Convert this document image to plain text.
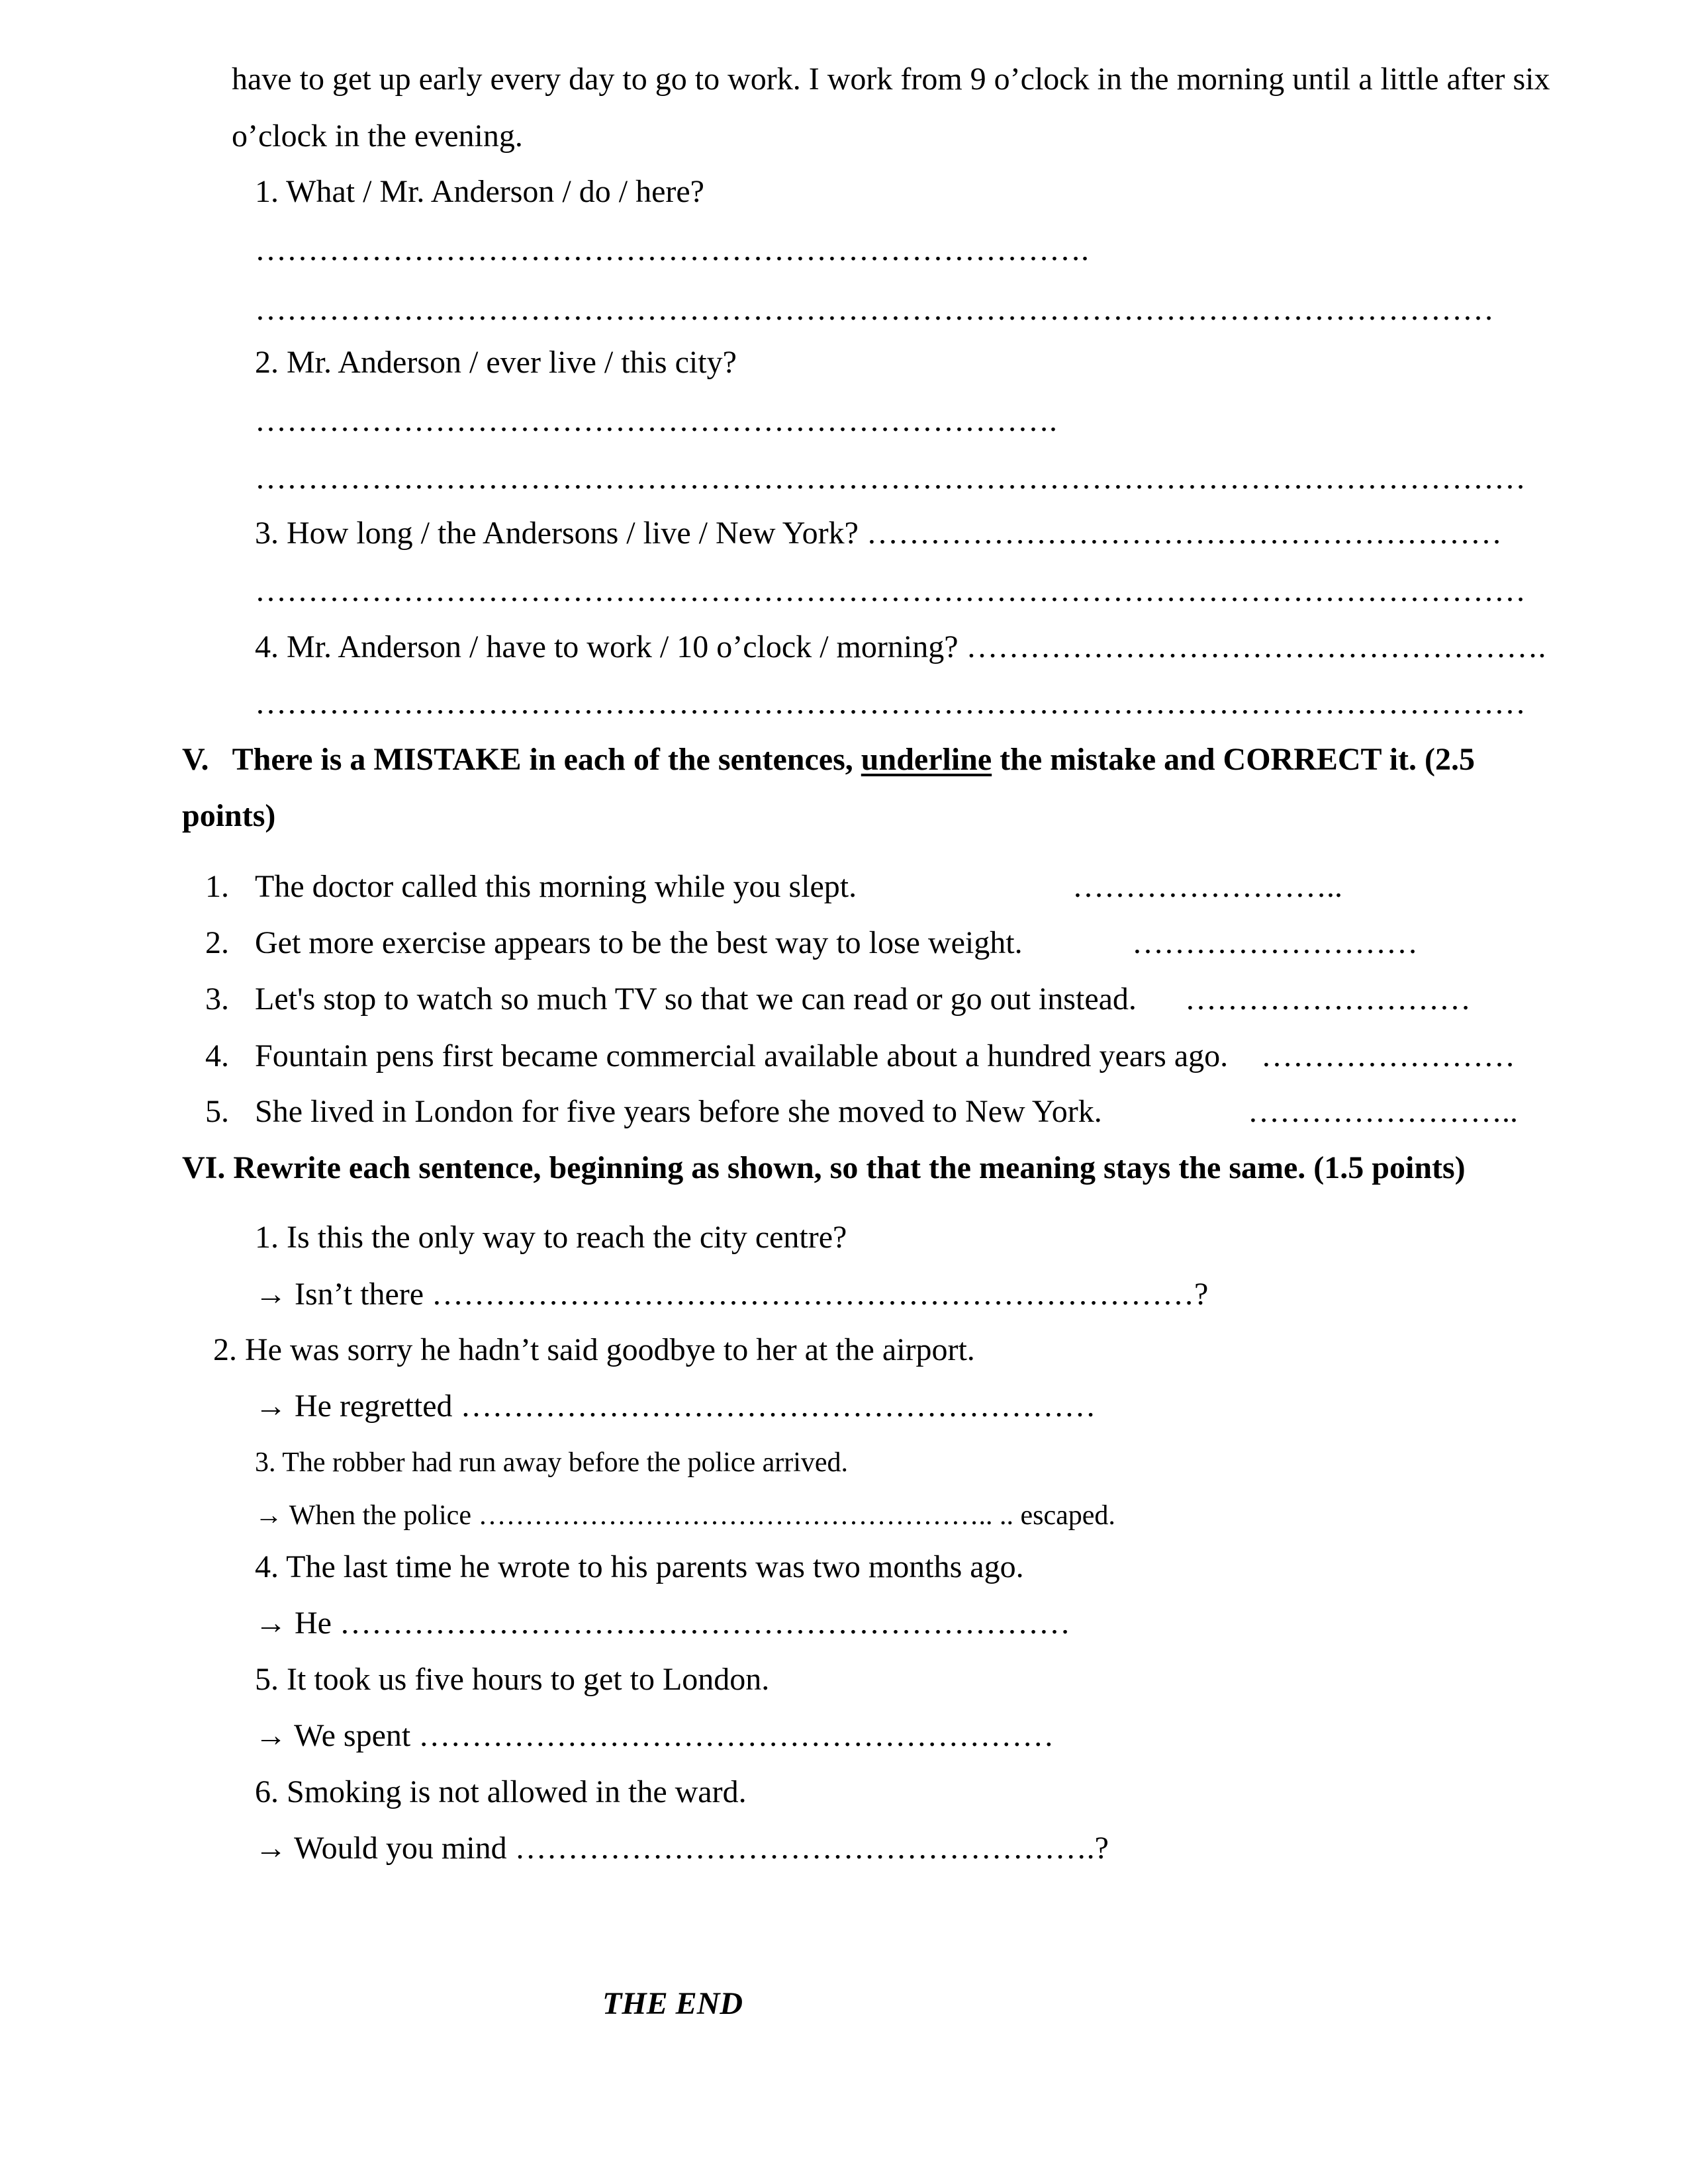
have to get up early every day to go to work. I work from 9 o’clock in the morning until a little after six
o’clock in the evening.
1. What / Mr. Anderson / do / here?
…………………………………………………………………….
………………………………………………………………………………………………………
2. Mr. Anderson / ever live / this city?
………………………………………………………………….
…………………………………………………………………………………………………………
3. How long / the Andersons / live / New York? ……………………………………………………
…………………………………………………………………………………………………………
4. Mr. Anderson / have to work / 10 o’clock / morning? ……………………………………………….
…………………………………………………………………………………………………………
V.   There is a MISTAKE in each of the sentences, underline the mistake and CORRECT it. (2.5
points)
1. The doctor called this morning while you slept.	……………………..
2. Get more exercise appears to be the best way to lose weight.	………………………
3. Let's stop to watch so much TV so that we can read or go out instead. ………………………
4. Fountain pens first became commercial available about a hundred years ago. ……………………
5. She lived in London for five years before she moved to New York.	……………………..
VI. Rewrite each sentence, beginning as shown, so that the meaning stays the same. (1.5 points)
1. Is this the only way to reach the city centre?
→ Isn’t there ………………………………………………………………?
2. He was sorry he hadn’t said goodbye to her at the airport.
→ He regretted ……………………………………………………
3. The robber had run away before the police arrived.
→ When the police ……………………………………………….. .. escaped.
4. The last time he wrote to his parents was two months ago.
→ He ……………………………………………………………
5. It took us five hours to get to London.
→ We spent ……………………………………………………
6. Smoking is not allowed in the ward.
→ Would you mind ……………………………………………….?
THE END
